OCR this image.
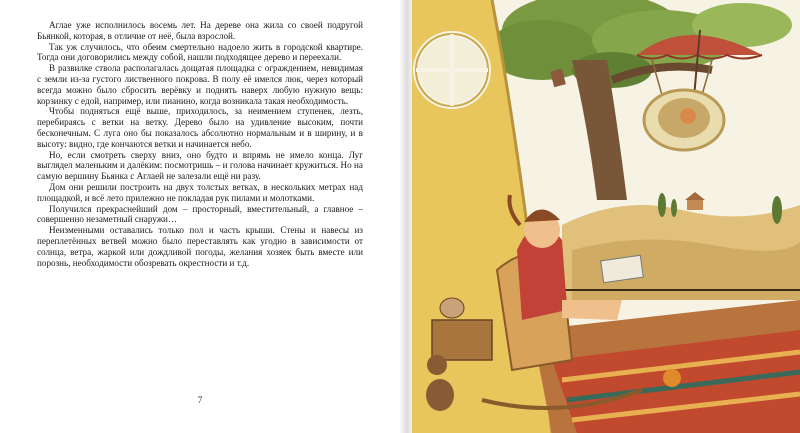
Аглае уже исполнилось восемь лет. На дереве она жила со своей подругой Бьянкой, которая, в отличие от неё, была взрослой.

Так уж случилось, что обеим смертельно надоело жить в городской квартире. Тогда они договорились между собой, нашли подходящее дерево и переехали.

В развилке ствола располагалась дощатая площадка с ограждением, невидимая с земли из-за густого лиственного покрова. В полу её имелся люк, через который всегда можно было сбросить верёвку и поднять наверх любую нужную вещь: корзинку с едой, например, или пианино, когда возникала такая необходимость.

Чтобы подняться ещё выше, приходилось, за неимением ступенек, лезть, перебираясь с ветки на ветку. Дерево было на удивление высоким, почти бесконечным. С луга оно бы показалось абсолютно нормальным и в ширину, и в высоту: видно, где кончаются ветки и начинается небо.

Но, если смотреть сверху вниз, оно будто и впрямь не имело конца. Луг выглядел маленьким и далёким: посмотришь – и голова начинает кружиться. Но на самую вершину Бьянка с Аглаей не залезали ещё ни разу.

Дом они решили построить на двух толстых ветках, в нескольких метрах над площадкой, и всё лето прилежно не покладая рук пилами и молотками.

Получился прекраснейший дом – просторный, вместительный, а главное – совершенно незаметный снаружи…

Неизменными оставались только пол и часть крыши. Стены и навесы из переплетённых ветвей можно было переставлять как угодно в зависимости от солнца, ветра, жаркой или дождливой погоды, желания хозяек быть вместе или порознь, необходимости обозревать окрестности и т.д.

7
